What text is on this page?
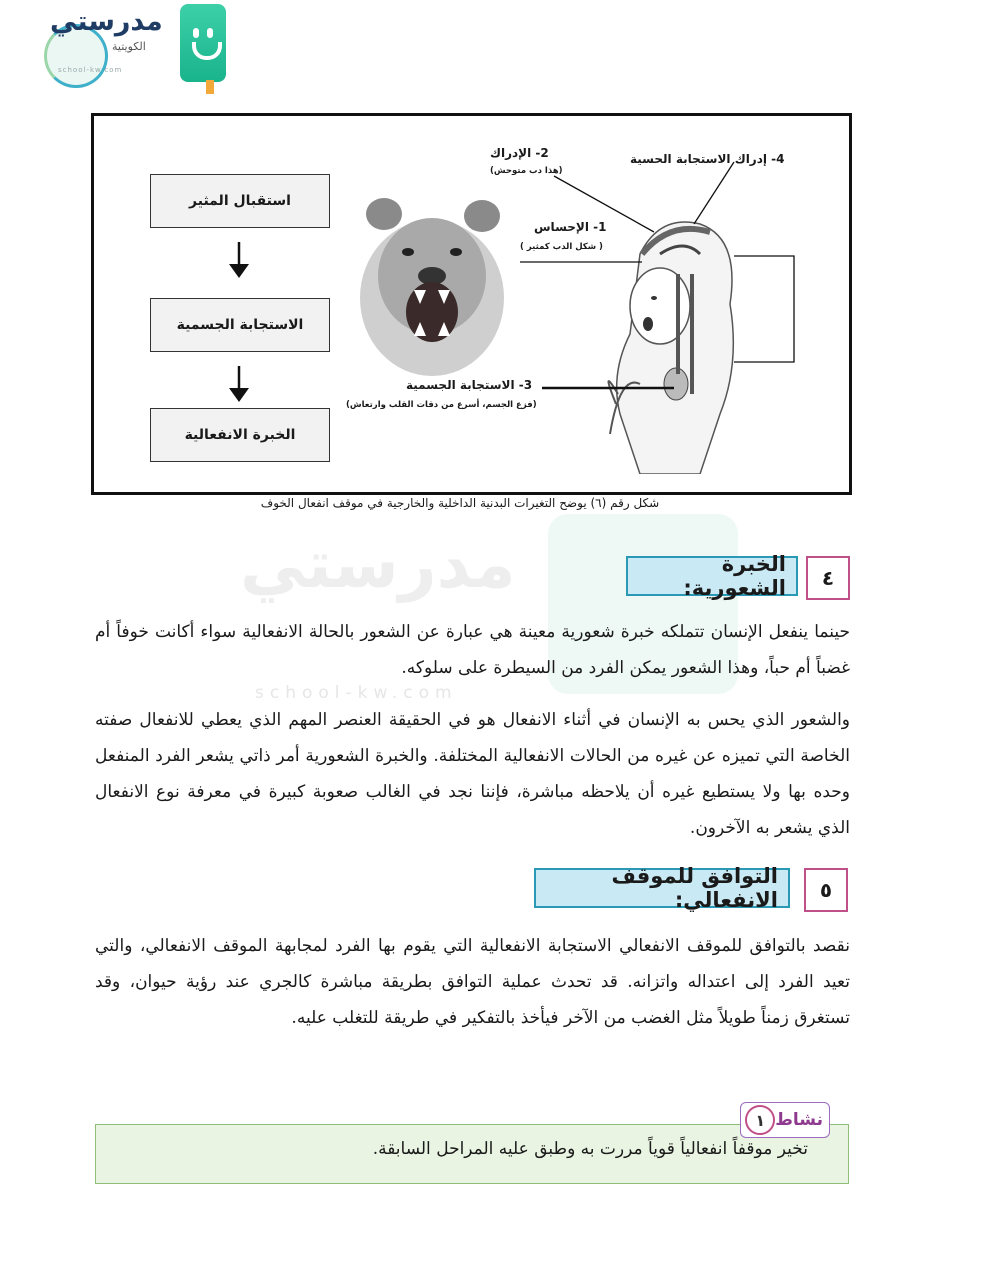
مدرستي
الكويتية
school-kw.com
مدرستي
school-kw.com
استقبال المثير
الاستجابة الجسمية
الخبرة الانفعالية
2- الإدراك
(هذا دب متوحش)
4- إدراك الاستجابة الحسية
1- الإحساس
( شكل الدب كمثير )
3- الاستجابة الجسمية
(فزع الجسم، أسرع من دقات القلب وارتعاش)
شكل رقم (٦) يوضح التغيرات البدنية الداخلية والخارجية في موقف انفعال الخوف
٤
الخبرة الشعورية:
حينما ينفعل الإنسان تتملكه خبرة شعورية معينة هي عبارة عن الشعور بالحالة الانفعالية سواء أكانت خوفاً أم غضباً أم حباً، وهذا الشعور يمكن الفرد من السيطرة على سلوكه.
والشعور الذي يحس به الإنسان في أثناء الانفعال هو في الحقيقة العنصر المهم الذي يعطي للانفعال صفته الخاصة التي تميزه عن غيره من الحالات الانفعالية المختلفة. والخبرة الشعورية أمر ذاتي يشعر الفرد المنفعل وحده بها ولا يستطيع غيره أن يلاحظه مباشرة، فإننا نجد في الغالب صعوبة كبيرة في معرفة نوع الانفعال الذي يشعر به الآخرون.
٥
التوافق للموقف الانفعالي:
نقصد بالتوافق للموقف الانفعالي الاستجابة الانفعالية التي يقوم بها الفرد لمجابهة الموقف الانفعالي، والتي تعيد الفرد إلى اعتداله واتزانه. قد تحدث عملية التوافق بطريقة مباشرة كالجري عند رؤية حيوان، وقد تستغرق زمناً طويلاً مثل الغضب من الآخر فيأخذ بالتفكير في طريقة للتغلب عليه.
تخير موقفاً انفعالياً قوياً مررت به وطبق عليه المراحل السابقة.
نشاط
١
